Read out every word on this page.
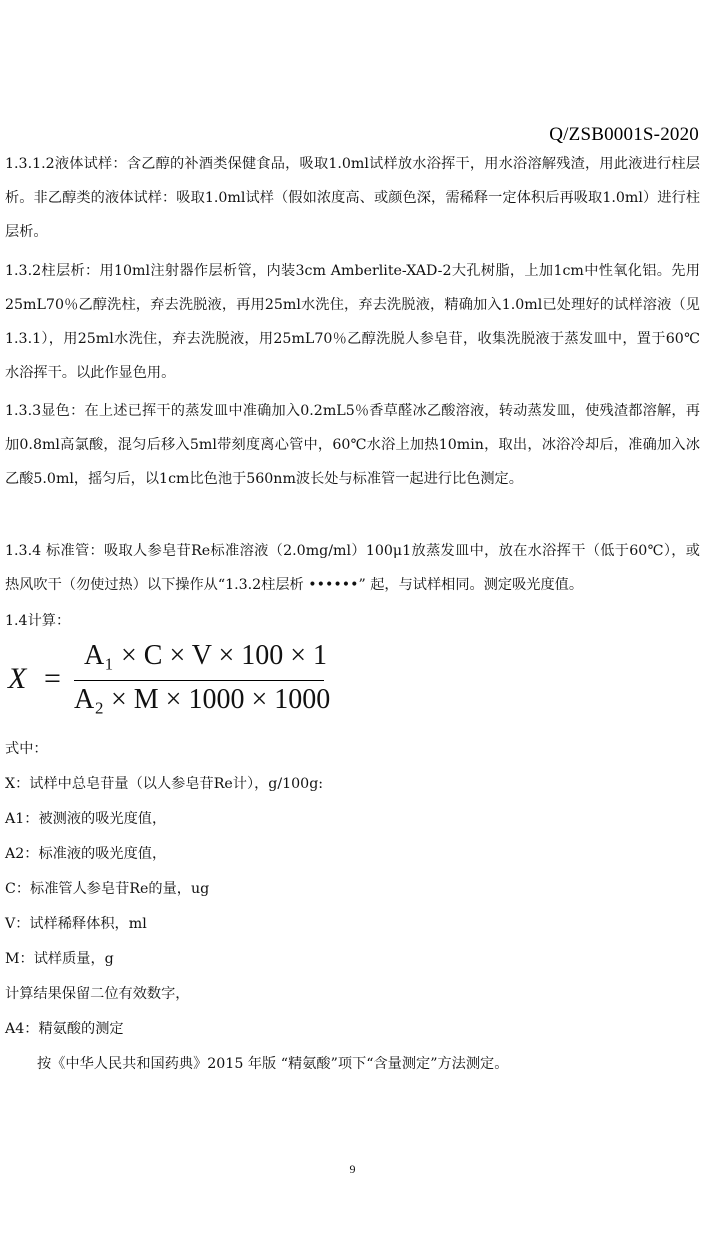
Q/ZSB0001S-2020

1.3.1.2液体试样：含乙醇的补酒类保健食品，吸取1.0ml试样放水浴挥干，用水浴溶解残渣，用此液进行柱层析。非乙醇类的液体试样：吸取1.0ml试样（假如浓度高、或颜色深，需稀释一定体积后再吸取1.0ml）进行柱层析。

1.3.2柱层析：用10ml注射器作层析管，内装3cm Amberlite-XAD-2大孔树脂，上加1cm中性氧化铝。先用25mL70％乙醇洗柱，弃去洗脱液，再用25ml水洗住，弃去洗脱液，精确加入1.0ml已处理好的试样溶液（见1.3.1），用25ml水洗住，弃去洗脱液，用25mL70％乙醇洗脱人参皂苷，收集洗脱液于蒸发皿中，置于60℃水浴挥干。以此作显色用。

1.3.3显色：在上述已挥干的蒸发皿中准确加入0.2mL5％香草醛冰乙酸溶液，转动蒸发皿，使残渣都溶解，再加0.8ml高氯酸，混匀后移入5ml带刻度离心管中，60℃水浴上加热10min，取出，冰浴冷却后，准确加入冰乙酸5.0ml，摇匀后，以1cm比色池于560nm波长处与标准管一起进行比色测定。

1.3.4 标准管：吸取人参皂苷Re标准溶液（2.0mg/ml）100μ1放蒸发皿中，放在水浴挥干（低于60℃），或热风吹干（勿使过热）以下操作从“1.3.2柱层析 ••••••” 起，与试样相同。测定吸光度值。

1.4计算：

X =
A₁ × C × V × 100 × 1
A₂ × M × 1000 × 1000

式中：

X：试样中总皂苷量（以人参皂苷Re计），g/100g:

A1：被测液的吸光度值，

A2：标准液的吸光度值，

C：标准管人参皂苷Re的量，ug

V：试样稀释体积，ml

M：试样质量，g

计算结果保留二位有效数字，

A4：精氨酸的测定

按《中华人民共和国药典》2015 年版 “精氨酸”项下“含量测定”方法测定。

9
